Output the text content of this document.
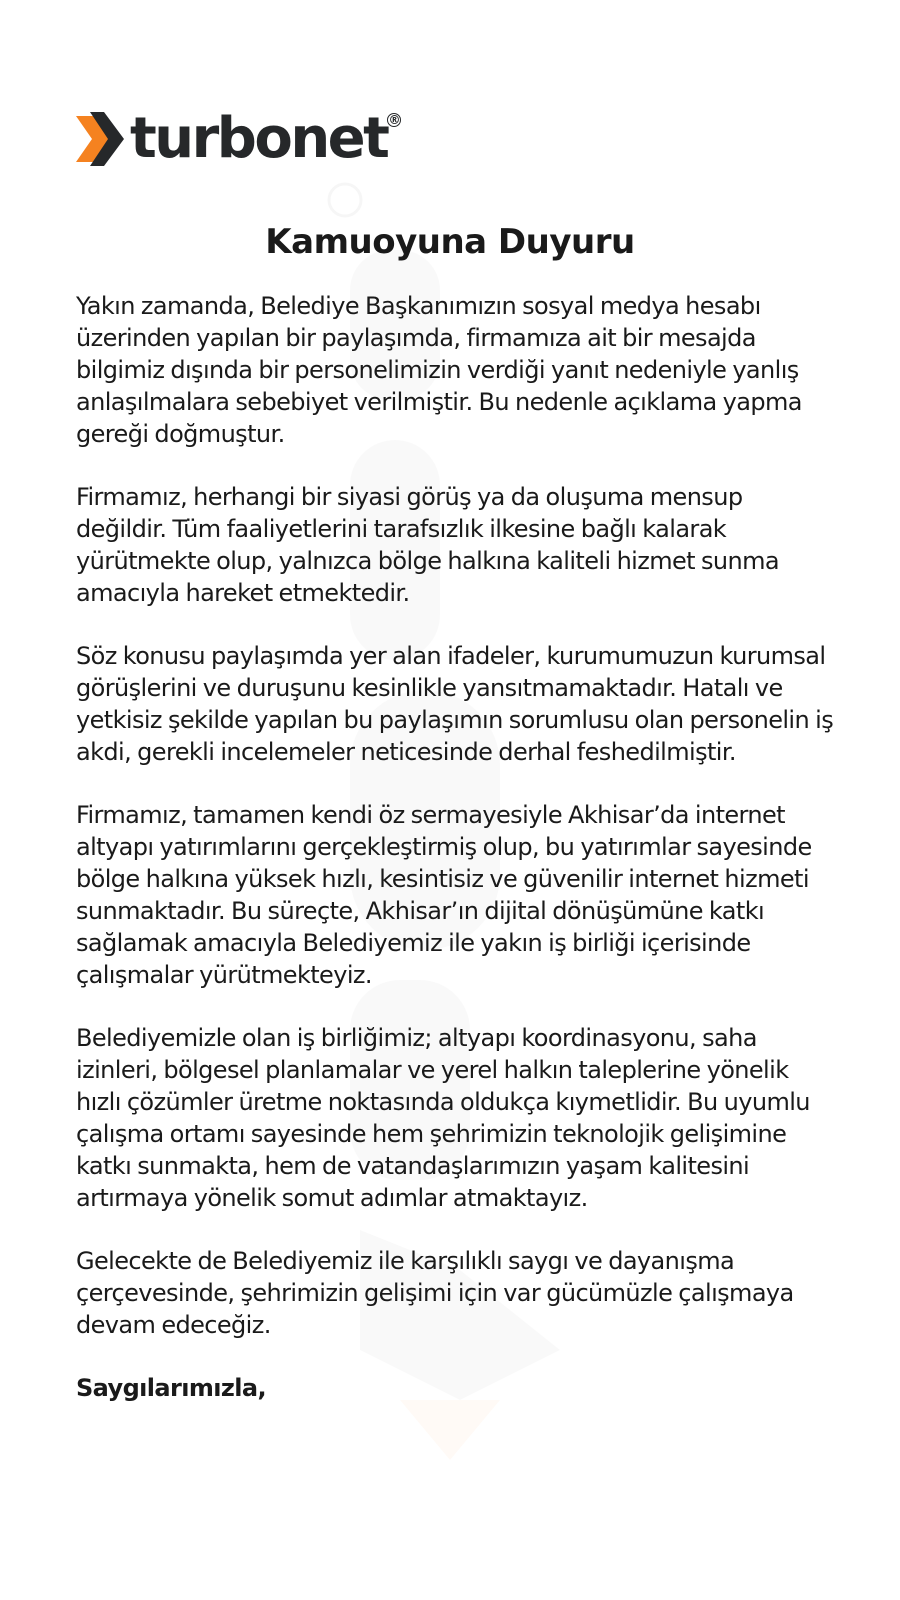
turbonet ®
Kamuoyuna Duyuru

Yakın zamanda, Belediye Başkanımızın sosyal medya hesabı üzerinden yapılan bir paylaşımda, firmamıza ait bir mesajda bilgimiz dışında bir personelimizin verdiği yanıt nedeniyle yanlış anlaşılmalara sebebiyet verilmiştir. Bu nedenle açıklama yapma gereği doğmuştur.

Firmamız, herhangi bir siyasi görüş ya da oluşuma mensup değildir. Tüm faaliyetlerini tarafsızlık ilkesine bağlı kalarak yürütmekte olup, yalnızca bölge halkına kaliteli hizmet sunma amacıyla hareket etmektedir.

Söz konusu paylaşımda yer alan ifadeler, kurumumuzun kurumsal görüşlerini ve duruşunu kesinlikle yansıtmamaktadır. Hatalı ve yetkisiz şekilde yapılan bu paylaşımın sorumlusu olan personelin iş akdi, gerekli incelemeler neticesinde derhal feshedilmiştir.

Firmamız, tamamen kendi öz sermayesiyle Akhisar’da internet altyapı yatırımlarını gerçekleştirmiş olup, bu yatırımlar sayesinde bölge halkına yüksek hızlı, kesintisiz ve güvenilir internet hizmeti sunmaktadır. Bu süreçte, Akhisar’ın dijital dönüşümüne katkı sağlamak amacıyla Belediyemiz ile yakın iş birliği içerisinde çalışmalar yürütmekteyiz.

Belediyemizle olan iş birliğimiz; altyapı koordinasyonu, saha izinleri, bölgesel planlamalar ve yerel halkın taleplerine yönelik hızlı çözümler üretme noktasında oldukça kıymetlidir. Bu uyumlu çalışma ortamı sayesinde hem şehrimizin teknolojik gelişimine katkı sunmakta, hem de vatandaşlarımızın yaşam kalitesini artırmaya yönelik somut adımlar atmaktayız.

Gelecekte de Belediyemiz ile karşılıklı saygı ve dayanışma çerçevesinde, şehrimizin gelişimi için var gücümüzle çalışmaya devam edeceğiz.

Saygılarımızla,
